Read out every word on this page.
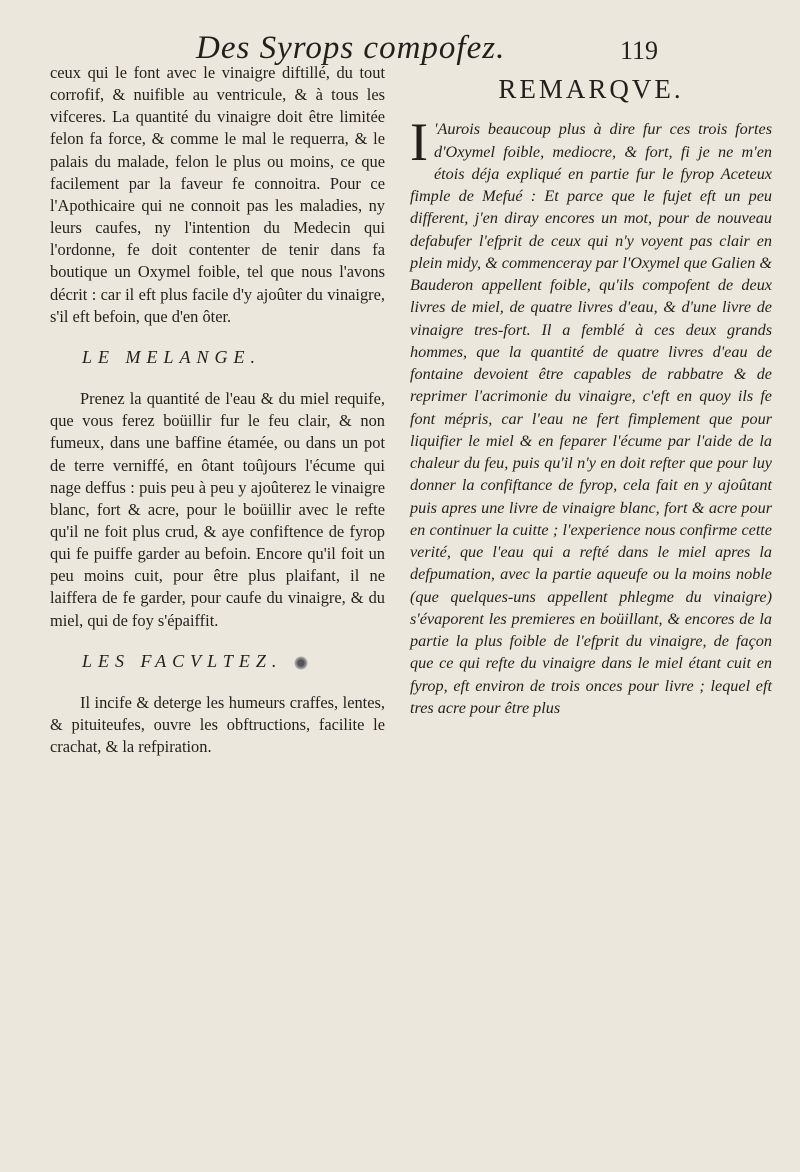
Des Syrops compofez.	119

ceux qui le font avec le vinaigre diftillé, du tout corrofif, & nuifible au ventricule, & à tous les vifceres. La quantité du vinaigre doit être limitée felon fa force, & comme le mal le requerra, & le palais du malade, felon le plus ou moins, ce que facilement par la faveur fe connoitra. Pour ce l'Apothicaire qui ne connoit pas les maladies, ny leurs caufes, ny l'intention du Medecin qui l'ordonne, fe doit contenter de tenir dans fa boutique un Oxymel foible, tel que nous l'avons décrit : car il eft plus facile d'y ajoûter du vinaigre, s'il eft befoin, que d'en ôter.

LE MELANGE.

Prenez la quantité de l'eau & du miel requife, que vous ferez boüillir fur le feu clair, & non fumeux, dans une baffine étamée, ou dans un pot de terre verniffé, en ôtant toûjours l'écume qui nage deffus : puis peu à peu y ajoûterez le vinaigre blanc, fort & acre, pour le boüillir avec le refte qu'il ne foit plus crud, & aye confiftence de fyrop qui fe puiffe garder au befoin. Encore qu'il foit un peu moins cuit, pour être plus plaifant, il ne laiffera de fe garder, pour caufe du vinaigre, & du miel, qui de foy s'épaiffit.

LES FACVLTEZ.

Il incife & deterge les humeurs craffes, lentes, & pituiteufes, ouvre les obftructions, facilite le crachat, & la refpiration.

REMARQVE.

I 'Aurois beaucoup plus à dire fur ces trois fortes d'Oxymel foible, mediocre, & fort, fi je ne m'en étois déja expliqué en partie fur le fyrop Aceteux fimple de Mefué : Et parce que le fujet eft un peu different, j'en diray encores un mot, pour de nouveau defabufer l'efprit de ceux qui n'y voyent pas clair en plein midy, & commenceray par l'Oxymel que Galien & Bauderon appellent foible, qu'ils compofent de deux livres de miel, de quatre livres d'eau, & d'une livre de vinaigre tres-fort. Il a femblé à ces deux grands hommes, que la quantité de quatre livres d'eau de fontaine devoient être capables de rabbatre & de reprimer l'acrimonie du vinaigre, c'eft en quoy ils fe font mépris, car l'eau ne fert fimplement que pour liquifier le miel & en feparer l'écume par l'aide de la chaleur du feu, puis qu'il n'y en doit refter que pour luy donner la confiftance de fyrop, cela fait en y ajoûtant puis apres une livre de vinaigre blanc, fort & acre pour en continuer la cuitte ; l'experience nous confirme cette verité, que l'eau qui a refté dans le miel apres la defpumation, avec la partie aqueufe ou la moins noble (que quelques-uns appellent phlegme du vinaigre) s'évaporent les premieres en boüillant, & encores de la partie la plus foible de l'efprit du vinaigre, de façon que ce qui refte du vinaigre dans le miel étant cuit en fyrop, eft environ de trois onces pour livre ; lequel eft tres acre pour être plus
